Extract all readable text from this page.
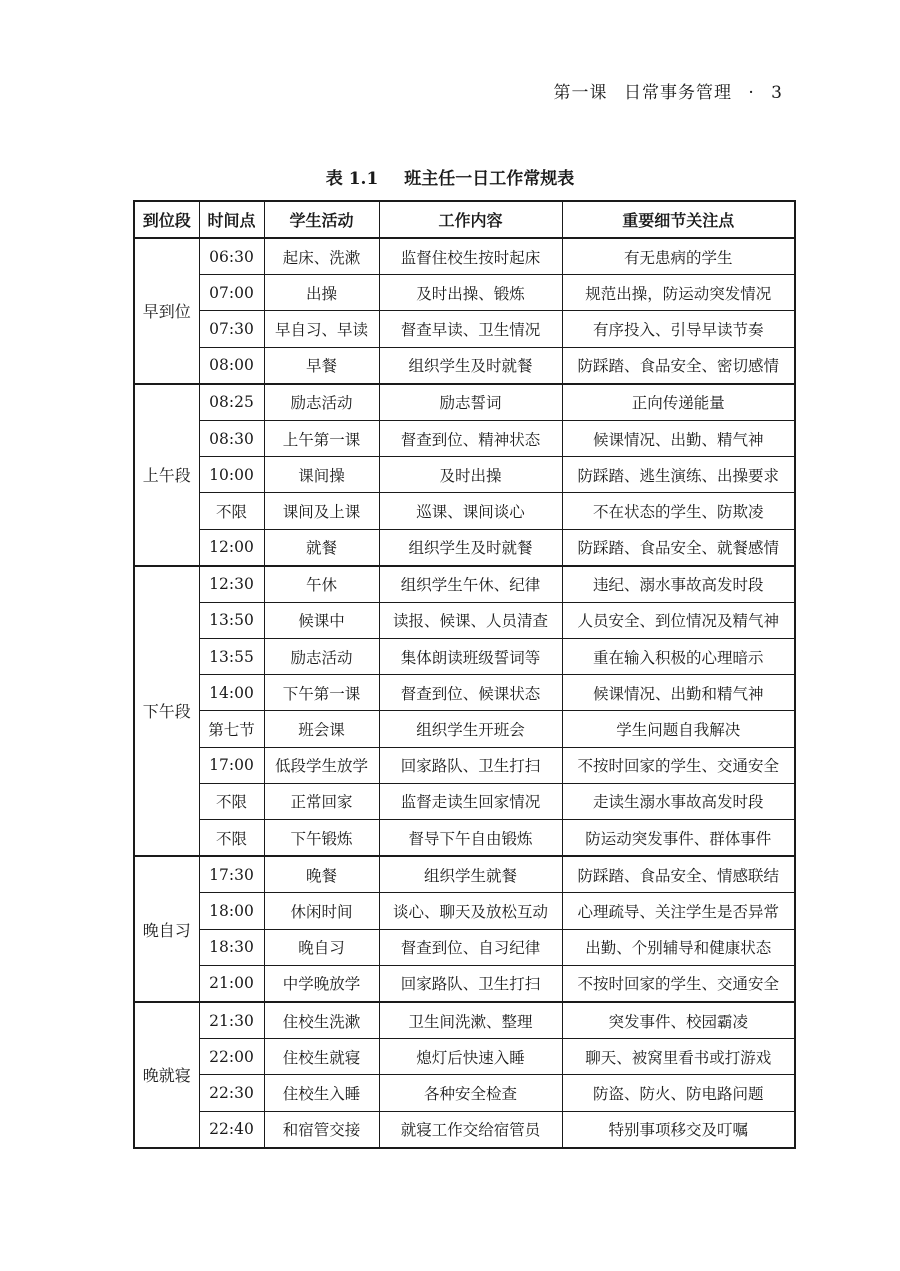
第一课 日常事务管理 · 3
表 1.1 班主任一日工作常规表
到位段	时间点	学生活动	工作内容	重要细节关注点
早到位	06:30	起床、洗漱	监督住校生按时起床	有无患病的学生
	07:00	出操	及时出操、锻炼	规范出操，防运动突发情况
	07:30	早自习、早读	督查早读、卫生情况	有序投入、引导早读节奏
	08:00	早餐	组织学生及时就餐	防踩踏、食品安全、密切感情
上午段	08:25	励志活动	励志誓词	正向传递能量
	08:30	上午第一课	督查到位、精神状态	候课情况、出勤、精气神
	10:00	课间操	及时出操	防踩踏、逃生演练、出操要求
	不限	课间及上课	巡课、课间谈心	不在状态的学生、防欺凌
	12:00	就餐	组织学生及时就餐	防踩踏、食品安全、就餐感情
下午段	12:30	午休	组织学生午休、纪律	违纪、溺水事故高发时段
	13:50	候课中	读报、候课、人员清查	人员安全、到位情况及精气神
	13:55	励志活动	集体朗读班级誓词等	重在输入积极的心理暗示
	14:00	下午第一课	督查到位、候课状态	候课情况、出勤和精气神
	第七节	班会课	组织学生开班会	学生问题自我解决
	17:00	低段学生放学	回家路队、卫生打扫	不按时回家的学生、交通安全
	不限	正常回家	监督走读生回家情况	走读生溺水事故高发时段
	不限	下午锻炼	督导下午自由锻炼	防运动突发事件、群体事件
晚自习	17:30	晚餐	组织学生就餐	防踩踏、食品安全、情感联结
	18:00	休闲时间	谈心、聊天及放松互动	心理疏导、关注学生是否异常
	18:30	晚自习	督查到位、自习纪律	出勤、个别辅导和健康状态
	21:00	中学晚放学	回家路队、卫生打扫	不按时回家的学生、交通安全
晚就寝	21:30	住校生洗漱	卫生间洗漱、整理	突发事件、校园霸凌
	22:00	住校生就寝	熄灯后快速入睡	聊天、被窝里看书或打游戏
	22:30	住校生入睡	各种安全检查	防盗、防火、防电路问题
	22:40	和宿管交接	就寝工作交给宿管员	特别事项移交及叮嘱
